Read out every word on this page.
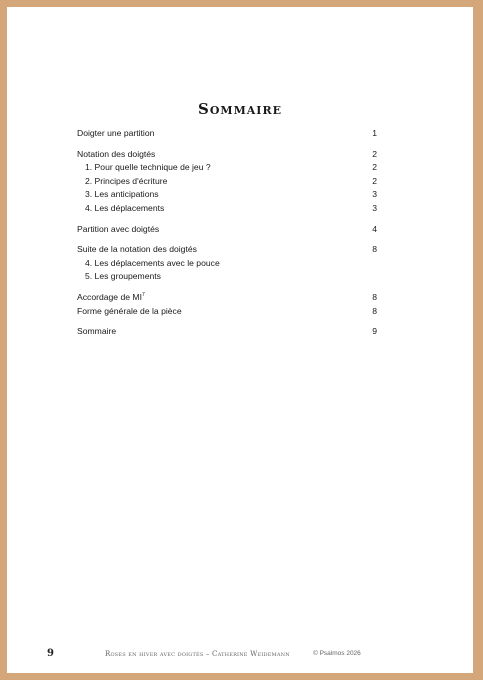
Sommaire
Doigter une partition	1
Notation des doigtés	2
1. Pour quelle technique de jeu ?	2
2. Principes d'écriture	2
3. Les anticipations	3
4. Les déplacements	3
Partition avec doigtés	4
Suite de la notation des doigtés	8
4. Les déplacements avec le pouce
5. Les groupements
Accordage de $MI^7$	8
Forme générale de la pièce	8
Sommaire	9
9	Roses en hiver avec doigtés – Catherine Weidemann	© Psalmos 2026
